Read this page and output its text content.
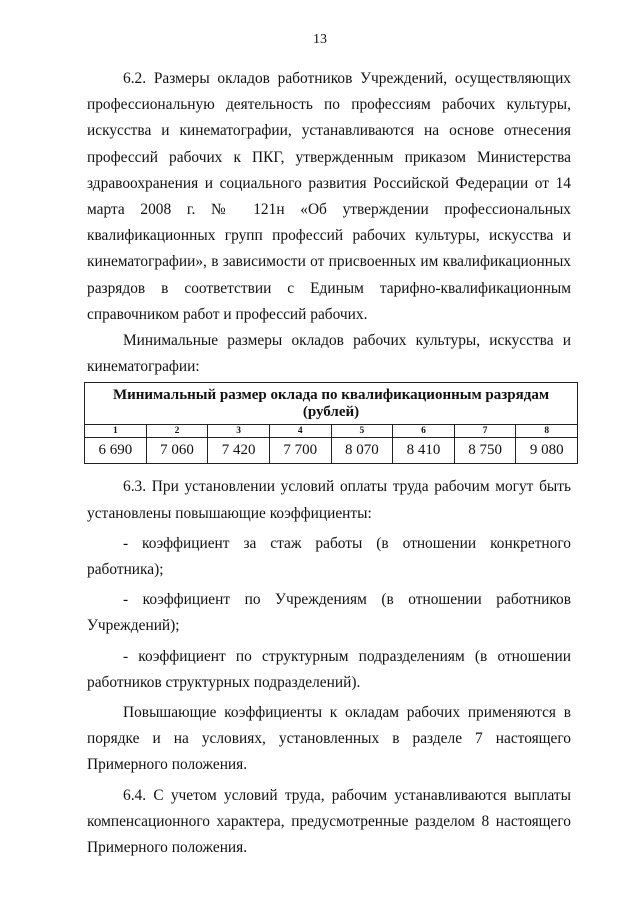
13

6.2. Размеры окладов работников Учреждений, осуществляющих профессиональную деятельность по профессиям рабочих культуры, искусства и кинематографии, устанавливаются на основе отнесения профессий рабочих к ПКГ, утвержденным приказом Министерства здравоохранения и социального развития Российской Федерации от 14 марта 2008 г. № 121н «Об утверждении профессиональных квалификационных групп профессий рабочих культуры, искусства и кинематографии», в зависимости от присвоенных им квалификационных разрядов в соответствии с Единым тарифно-квалификационным справочником работ и профессий рабочих.

Минимальные размеры окладов рабочих культуры, искусства и кинематографии:

Минимальный размер оклада по квалификационным разрядам (рублей)							
1	2	3	4	5	6	7	8
6 690	7 060	7 420	7 700	8 070	8 410	8 750	9 080

6.3. При установлении условий оплаты труда рабочим могут быть установлены повышающие коэффициенты:

- коэффициент за стаж работы (в отношении конкретного работника);

- коэффициент по Учреждениям (в отношении работников Учреждений);

- коэффициент по структурным подразделениям (в отношении работников структурных подразделений).

Повышающие коэффициенты к окладам рабочих применяются в порядке и на условиях, установленных в разделе 7 настоящего Примерного положения.

6.4. С учетом условий труда, рабочим устанавливаются выплаты компенсационного характера, предусмотренные разделом 8 настоящего Примерного положения.
